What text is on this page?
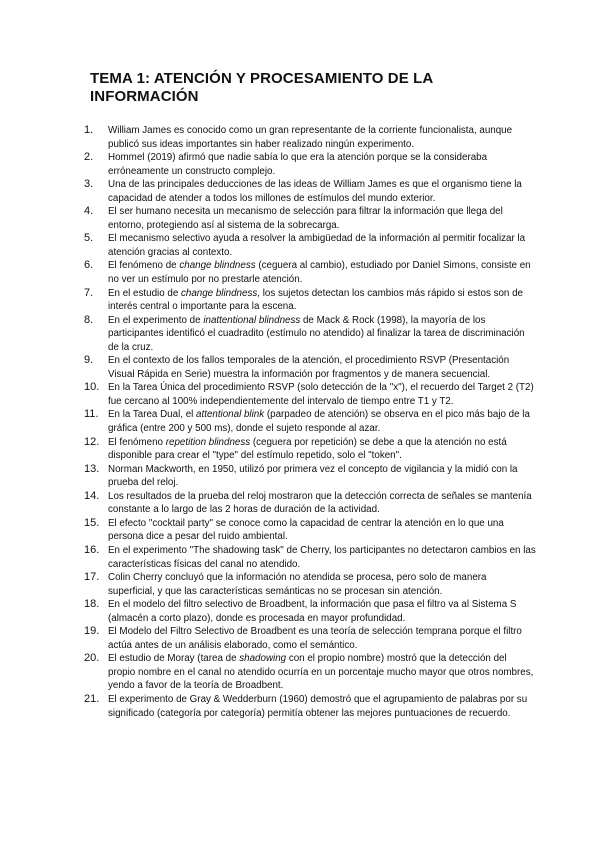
TEMA 1: ATENCIÓN Y PROCESAMIENTO DE LA INFORMACIÓN
1.	William James es conocido como un gran representante de la corriente funcionalista, aunque publicó sus ideas importantes sin haber realizado ningún experimento.
2.	Hommel (2019) afirmó que nadie sabía lo que era la atención porque se la consideraba erróneamente un constructo complejo.
3.	Una de las principales deducciones de las ideas de William James es que el organismo tiene la capacidad de atender a todos los millones de estímulos del mundo exterior.
4.	El ser humano necesita un mecanismo de selección para filtrar la información que llega del entorno, protegiendo así al sistema de la sobrecarga.
5.	El mecanismo selectivo ayuda a resolver la ambigüedad de la información al permitir focalizar la atención gracias al contexto.
6.	El fenómeno de change blindness (ceguera al cambio), estudiado por Daniel Simons, consiste en no ver un estímulo por no prestarle atención.
7.	En el estudio de change blindness, los sujetos detectan los cambios más rápido si estos son de interés central o importante para la escena.
8.	En el experimento de inattentional blindness de Mack & Rock (1998), la mayoría de los participantes identificó el cuadradito (estímulo no atendido) al finalizar la tarea de discriminación de la cruz.
9.	En el contexto de los fallos temporales de la atención, el procedimiento RSVP (Presentación Visual Rápida en Serie) muestra la información por fragmentos y de manera secuencial.
10. En la Tarea Única del procedimiento RSVP (solo detección de la "x"), el recuerdo del Target 2 (T2) fue cercano al 100% independientemente del intervalo de tiempo entre T1 y T2.
11. En la Tarea Dual, el attentional blink (parpadeo de atención) se observa en el pico más bajo de la gráfica (entre 200 y 500 ms), donde el sujeto responde al azar.
12. El fenómeno repetition blindness (ceguera por repetición) se debe a que la atención no está disponible para crear el "type" del estímulo repetido, solo el "token".
13. Norman Mackworth, en 1950, utilizó por primera vez el concepto de vigilancia y la midió con la prueba del reloj.
14. Los resultados de la prueba del reloj mostraron que la detección correcta de señales se mantenía constante a lo largo de las 2 horas de duración de la actividad.
15. El efecto "cocktail party" se conoce como la capacidad de centrar la atención en lo que una persona dice a pesar del ruido ambiental.
16. En el experimento "The shadowing task" de Cherry, los participantes no detectaron cambios en las características físicas del canal no atendido.
17. Colin Cherry concluyó que la información no atendida se procesa, pero solo de manera superficial, y que las características semánticas no se procesan sin atención.
18. En el modelo del filtro selectivo de Broadbent, la información que pasa el filtro va al Sistema S (almacén a corto plazo), donde es procesada en mayor profundidad.
19. El Modelo del Filtro Selectivo de Broadbent es una teoría de selección temprana porque el filtro actúa antes de un análisis elaborado, como el semántico.
20. El estudio de Moray (tarea de shadowing con el propio nombre) mostró que la detección del propio nombre en el canal no atendido ocurría en un porcentaje mucho mayor que otros nombres, yendo a favor de la teoría de Broadbent.
21. El experimento de Gray & Wedderburn (1960) demostró que el agrupamiento de palabras por su significado (categoría por categoría) permitía obtener las mejores puntuaciones de recuerdo.
